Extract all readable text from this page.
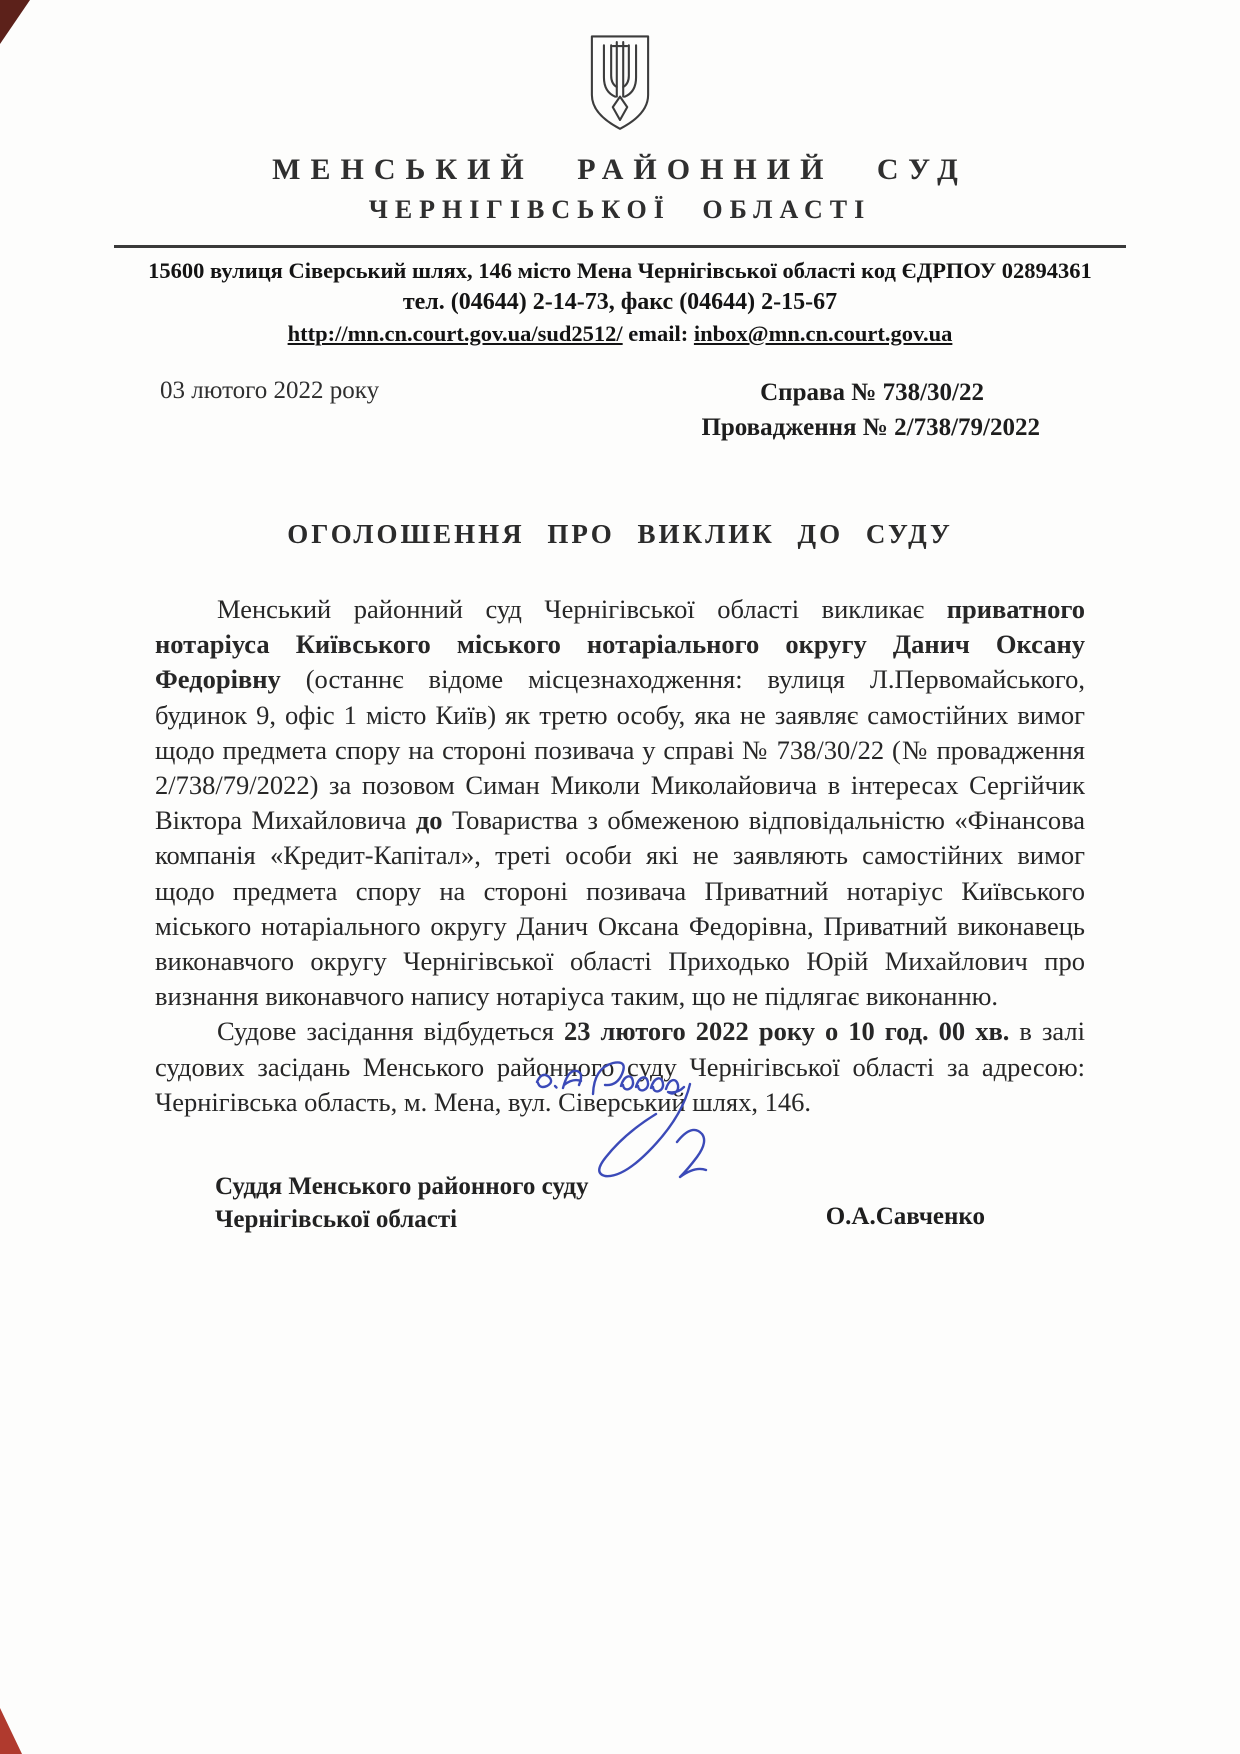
МЕНСЬКИЙ РАЙОННИЙ СУД
ЧЕРНІГІВСЬКОЇ ОБЛАСТІ
15600 вулиця Сіверський шлях, 146 місто Мена Чернігівської області код ЄДРПОУ 02894361
тел. (04644) 2-14-73, факс (04644) 2-15-67
http://mn.cn.court.gov.ua/sud2512/ email: inbox@mn.cn.court.gov.ua
03 лютого 2022 року	Справа № 738/30/22
Провадження № 2/738/79/2022
ОГОЛОШЕННЯ ПРО ВИКЛИК ДО СУДУ

Менський районний суд Чернігівської області викликає приватного нотаріуса Київського міського нотаріального округу Данич Оксану Федорівну (останнє відоме місцезнаходження: вулиця Л.Первомайського, будинок 9, офіс 1 місто Київ) як третю особу, яка не заявляє самостійних вимог щодо предмета спору на стороні позивача у справі № 738/30/22 (№ провадження 2/738/79/2022) за позовом Симан Миколи Миколайовича в інтересах Сергійчик Віктора Михайловича до Товариства з обмеженою відповідальністю «Фінансова компанія «Кредит-Капітал», треті особи які не заявляють самостійних вимог щодо предмета спору на стороні позивача Приватний нотаріус Київського міського нотаріального округу Данич Оксана Федорівна, Приватний виконавець виконавчого округу Чернігівської області Приходько Юрій Михайлович про визнання виконавчого напису нотаріуса таким, що не підлягає виконанню.

Судове засідання відбудеться 23 лютого 2022 року о 10 год. 00 хв. в залі судових засідань Менського районного суду Чернігівської області за адресою: Чернігівська область, м. Мена, вул. Сіверський шлях, 146.

Суддя Менського районного суду
Чернігівської області	О.А.Савченко
